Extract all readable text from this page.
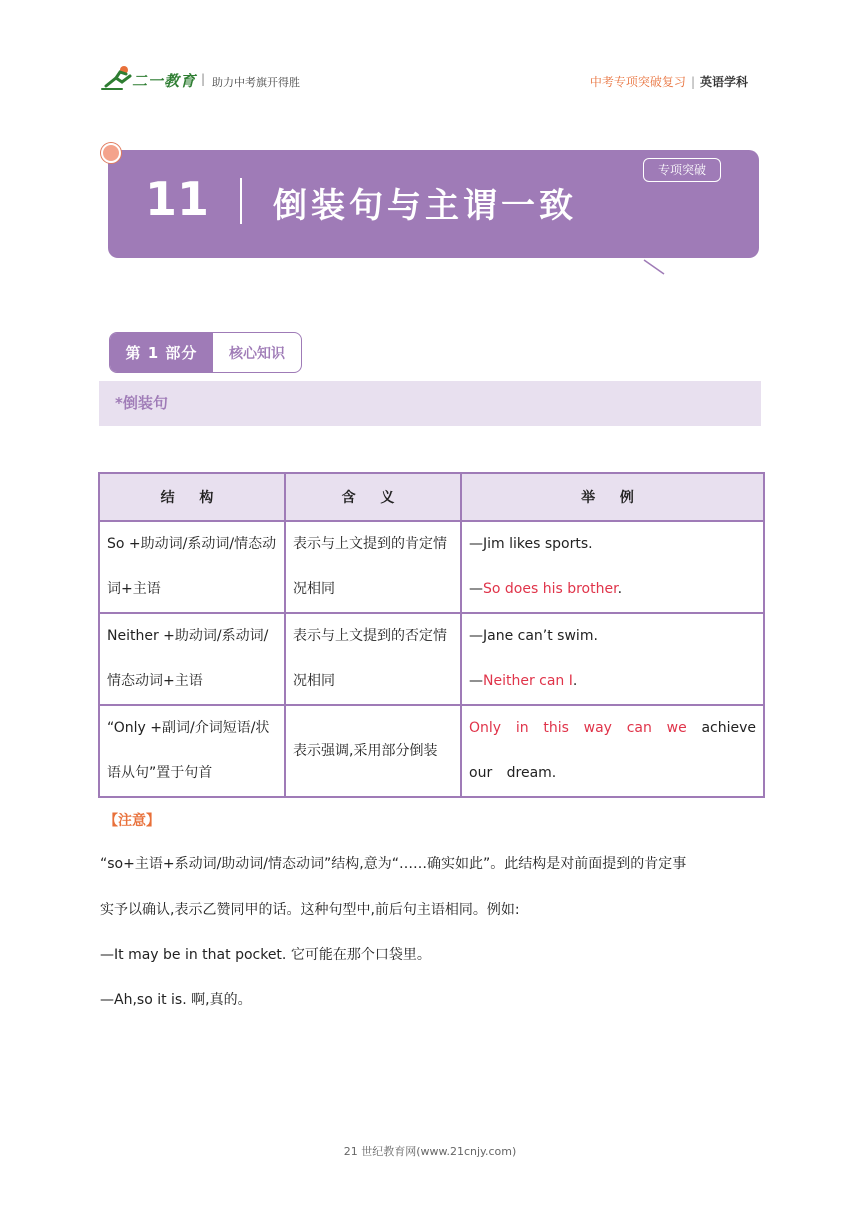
二一教育 | 助力中考旗开得胜	中考专项突破复习 | 英语学科
11 倒装句与主谓一致
专项突破
第 1 部分	核心知识
*倒装句
结 构	含 义	举 例
So +助动词/系动词/情态动词+主语	表示与上文提到的肯定情况相同	—Jim likes sports.
—So does his brother.

Neither +助动词/系动词/情态动词+主语	表示与上文提到的否定情况相同	—Jane can’t swim.
—Neither can I.

“Only +副词/介词短语/状语从句”置于句首	表示强调,采用部分倒装	Only in this way can we achieve our dream.
【注意】
“so+主语+系动词/助动词/情态动词”结构,意为“……确实如此”。此结构是对前面提到的肯定事
实予以确认,表示乙赞同甲的话。这种句型中,前后句主语相同。例如:
—It may be in that pocket. 它可能在那个口袋里。
—Ah,so it is. 啊,真的。
21 世纪教育网(www.21cnjy.com)
